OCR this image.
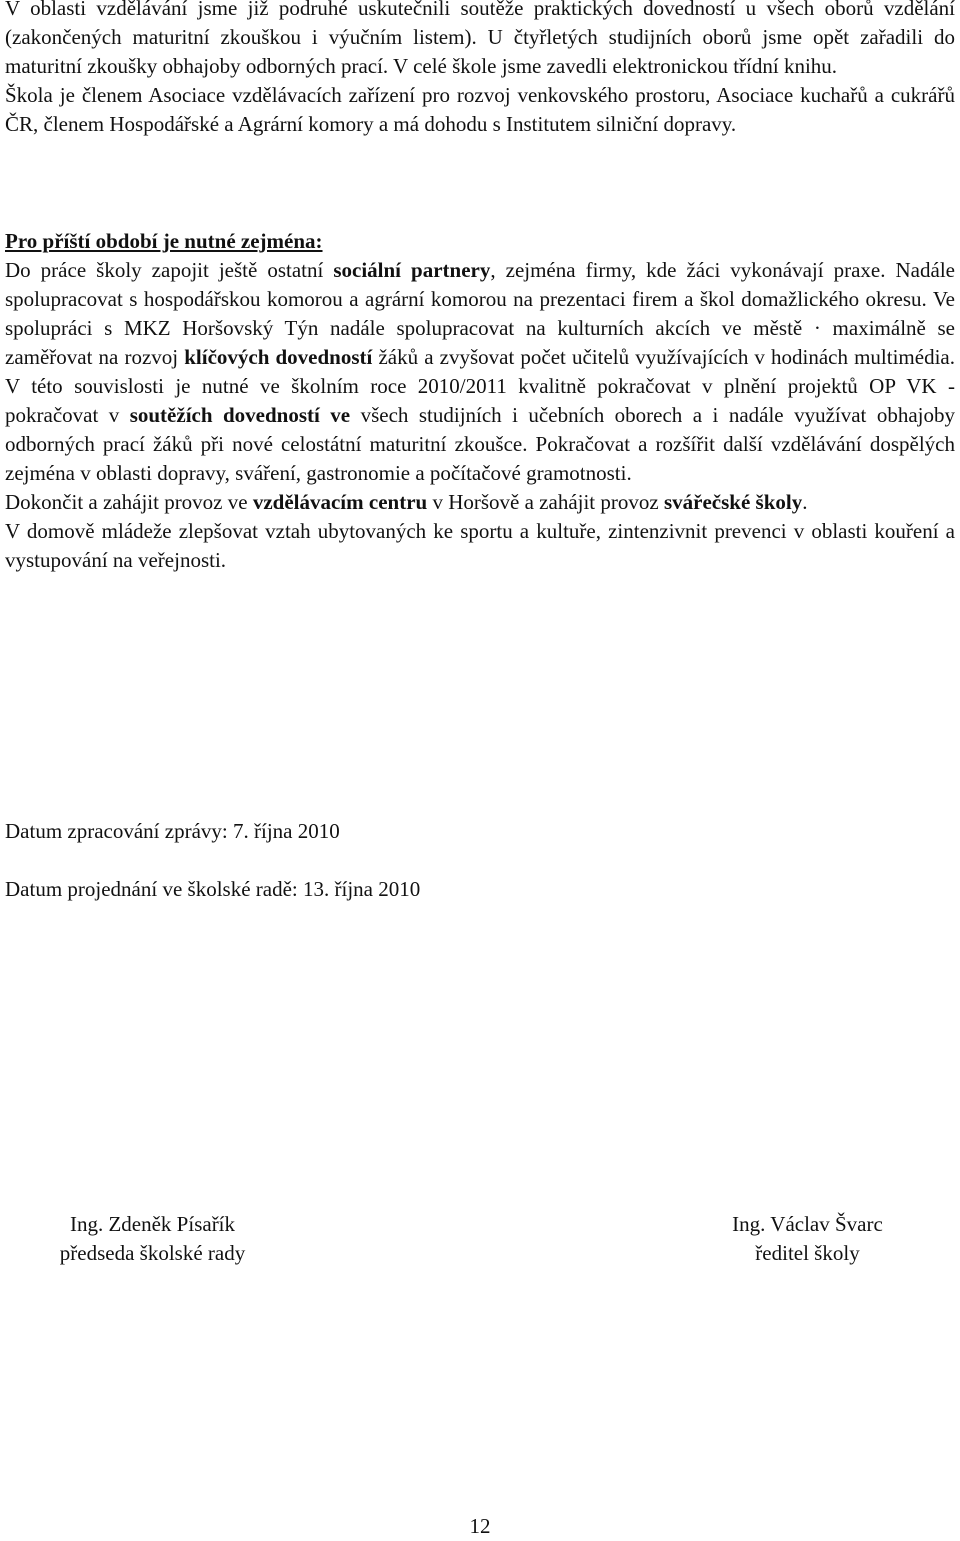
V oblasti vzdělávání jsme již podruhé uskutečnili soutěže praktických dovedností u všech oborů vzdělání (zakončených maturitní zkouškou i výučním listem). U čtyřletých studijních oborů jsme opět zařadili do maturitní zkoušky obhajoby odborných prací. V celé škole jsme zavedli elektronickou třídní knihu.

Škola je členem Asociace vzdělávacích zařízení pro rozvoj venkovského prostoru, Asociace kuchařů a cukrářů ČR, členem Hospodářské a Agrární komory a má dohodu s Institutem silniční dopravy.

Pro příští období je nutné zejména:

Do práce školy zapojit ještě ostatní sociální partnery, zejména firmy, kde žáci vykonávají praxe. Nadále spolupracovat s hospodářskou komorou a agrární komorou na prezentaci firem a škol domažlického okresu. Ve spolupráci s MKZ Horšovský Týn nadále spolupracovat na kulturních akcích ve městě · maximálně se zaměřovat na rozvoj klíčových dovedností žáků a zvyšovat počet učitelů využívajících v hodinách multimédia. V této souvislosti je nutné ve školním roce 2010/2011 kvalitně pokračovat v plnění projektů OP VK - pokračovat v soutěžích dovedností ve všech studijních i učebních oborech a i nadále využívat obhajoby odborných prací žáků při nové celostátní maturitní zkoušce. Pokračovat a rozšířit další vzdělávání dospělých zejména v oblasti dopravy, sváření, gastronomie a počítačové gramotnosti.

Dokončit a zahájit provoz ve vzdělávacím centru v Horšově a zahájit provoz svářečské školy.

V domově mládeže zlepšovat vztah ubytovaných ke sportu a kultuře, zintenzivnit prevenci v oblasti kouření a vystupování na veřejnosti.

Datum zpracování zprávy: 7. října 2010
Datum projednání ve školské radě: 13. října 2010
Ing. Zdeněk Písařík
předseda školské rady
Ing. Václav Švarc
ředitel školy
12
